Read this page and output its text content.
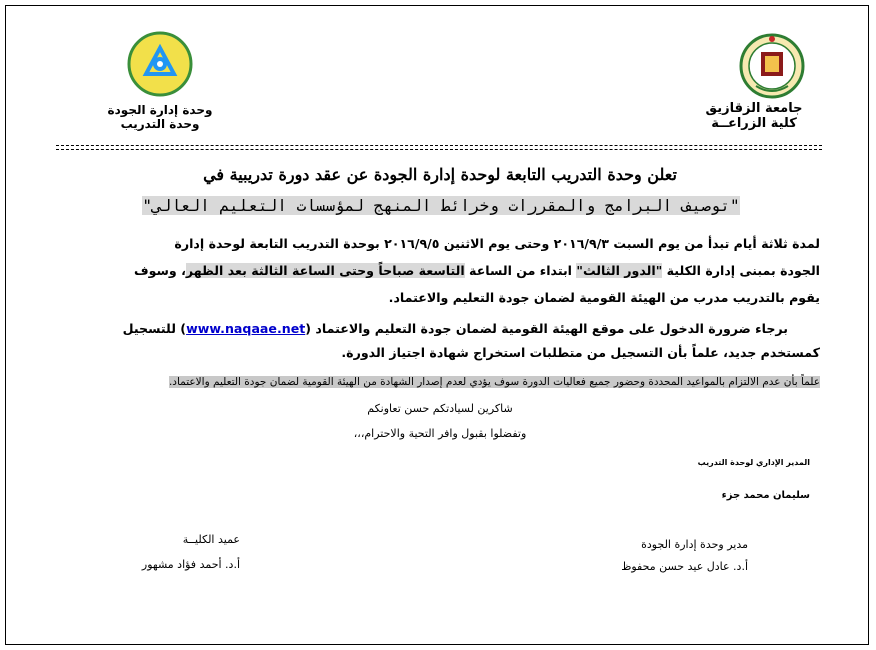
جامعة الزقازيق
كلية الزراعــة
وحدة إدارة الجودة
وحدة التدريب
تعلن وحدة التدريب التابعة لوحدة إدارة الجودة عن عقد دورة تدريبية في
"توصيف البرامج والمقررات وخرائط المنهج لمؤسسات التعليم العالي"
لمدة ثلاثة أيام تبدأ من يوم السبت ٢٠١٦/٩/٣ وحتى يوم الاثنين ٢٠١٦/٩/٥ بوحدة التدريب التابعة لوحدة إدارة
الجودة بمبنى إدارة الكلية "الدور الثالث" ابتداء من الساعة التاسعة صباحاً وحتى الساعة الثالثة بعد الظهر، وسوف
يقوم بالتدريب مدرب من الهيئة القومية لضمان جودة التعليم والاعتماد.
برجاء ضرورة الدخول على موقع الهيئة القومية لضمان جودة التعليم والاعتماد (www.naqaae.net) للتسجيل
كمستخدم جديد، علماً بأن التسجيل من متطلبات استخراج شهادة اجتياز الدورة.
علماً بأن عدم الالتزام بالمواعيد المحددة وحضور جميع فعاليات الدورة سوف يؤدي لعدم إصدار الشهادة من الهيئة القومية لضمان جودة التعليم والاعتماد.
شاكرين لسيادتكم حسن تعاونكم
وتفضلوا بقبول وافر التحية والاحترام،،،
المدير الإداري لوحدة التدريب
سليمان محمد جزء
مدير وحدة إدارة الجودة
أ.د. عادل عيد حسن محفوظ
عميد الكليــة
أ.د. أحمد فؤاد مشهور
